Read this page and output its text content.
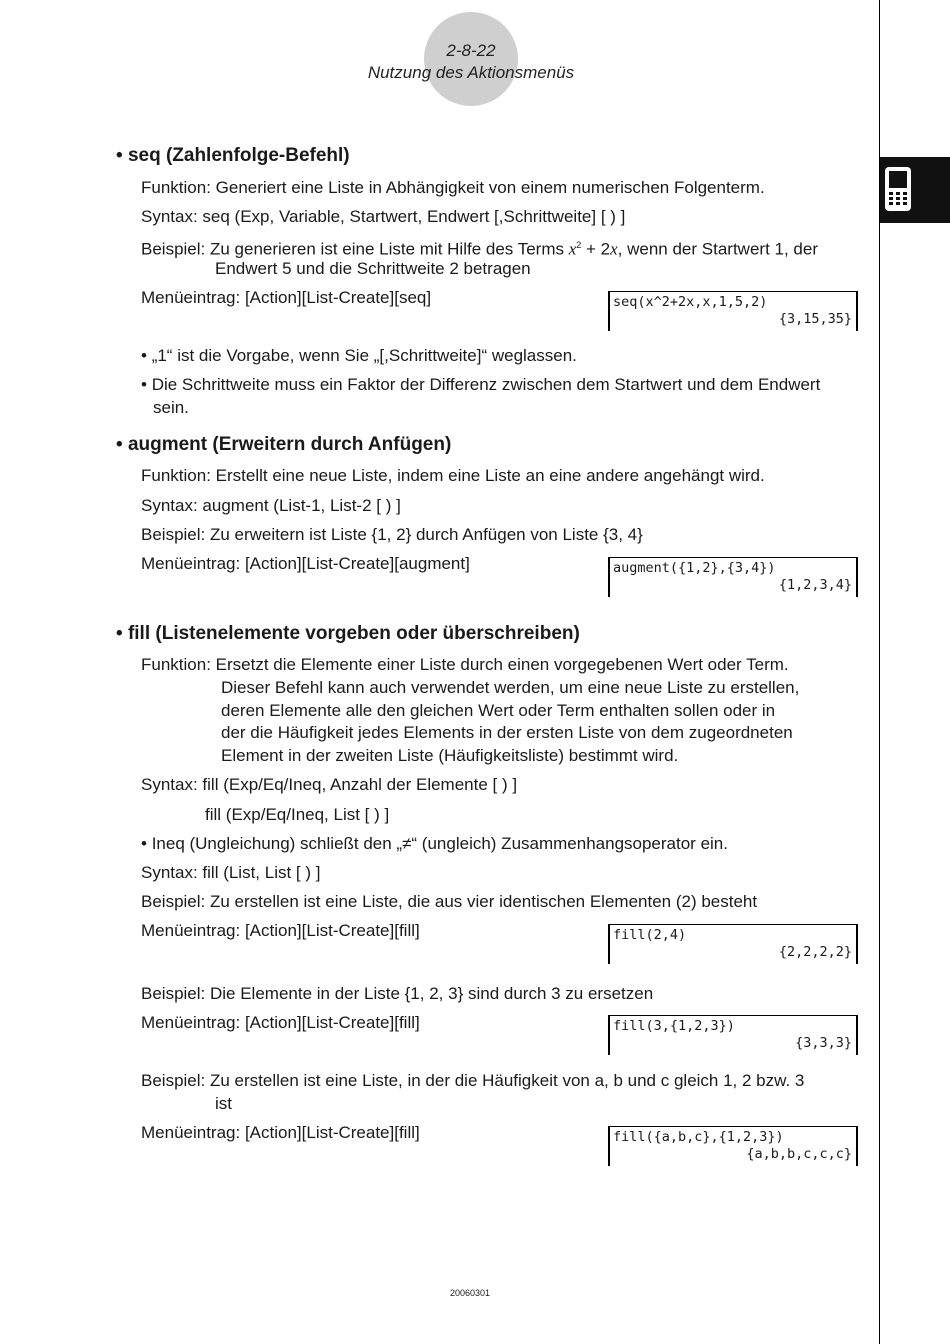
2-8-22
Nutzung des Aktionsmenüs
• seq (Zahlenfolge-Befehl)
Funktion: Generiert eine Liste in Abhängigkeit von einem numerischen Folgenterm.
Syntax: seq (Exp, Variable, Startwert, Endwert [,Schrittweite] [ ) ]
Beispiel: Zu generieren ist eine Liste mit Hilfe des Terms $x^2 + 2x$, wenn der Startwert 1, der
Endwert 5 und die Schrittweite 2 betragen
Menüeintrag: [Action][List-Create][seq]	seq(x^2+2x,x,1,5,2)
{3,15,35}
• „1“ ist die Vorgabe, wenn Sie „[,Schrittweite]“ weglassen.
• Die Schrittweite muss ein Faktor der Differenz zwischen dem Startwert und dem Endwert
sein.
• augment (Erweitern durch Anfügen)
Funktion: Erstellt eine neue Liste, indem eine Liste an eine andere angehängt wird.
Syntax: augment (List-1, List-2 [ ) ]
Beispiel: Zu erweitern ist Liste {1, 2} durch Anfügen von Liste {3, 4}
Menüeintrag: [Action][List-Create][augment]	augment({1,2},{3,4})
{1,2,3,4}
• fill (Listenelemente vorgeben oder überschreiben)
Funktion: Ersetzt die Elemente einer Liste durch einen vorgegebenen Wert oder Term.
Dieser Befehl kann auch verwendet werden, um eine neue Liste zu erstellen,
deren Elemente alle den gleichen Wert oder Term enthalten sollen oder in
der die Häufigkeit jedes Elements in der ersten Liste von dem zugeordneten
Element in der zweiten Liste (Häufigkeitsliste) bestimmt wird.
Syntax: fill (Exp/Eq/Ineq, Anzahl der Elemente [ ) ]
fill (Exp/Eq/Ineq, List [ ) ]
• Ineq (Ungleichung) schließt den „≠“ (ungleich) Zusammenhangsoperator ein.
Syntax: fill (List, List [ ) ]
Beispiel: Zu erstellen ist eine Liste, die aus vier identischen Elementen (2) besteht
Menüeintrag: [Action][List-Create][fill]	fill(2,4)
{2,2,2,2}
Beispiel: Die Elemente in der Liste {1, 2, 3} sind durch 3 zu ersetzen
Menüeintrag: [Action][List-Create][fill]	fill(3,{1,2,3})
{3,3,3}
Beispiel: Zu erstellen ist eine Liste, in der die Häufigkeit von a, b und c gleich 1, 2 bzw. 3
ist
Menüeintrag: [Action][List-Create][fill]	fill({a,b,c},{1,2,3})
{a,b,b,c,c,c}
20060301
